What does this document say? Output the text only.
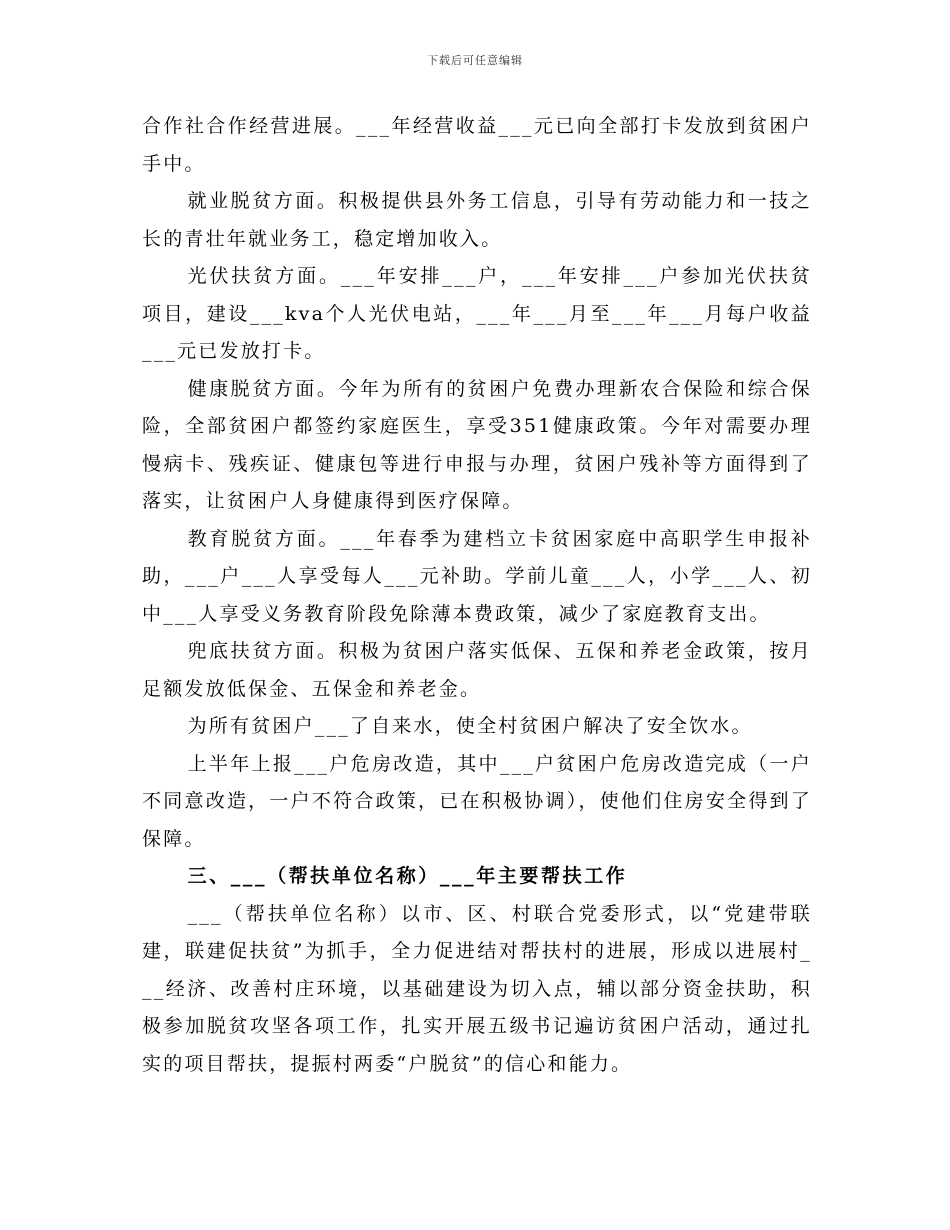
下载后可任意编辑

合作社合作经营进展。___年经营收益___元已向全部打卡发放到贫困户手中。

就业脱贫方面。积极提供县外务工信息，引导有劳动能力和一技之长的青壮年就业务工，稳定增加收入。

光伏扶贫方面。___年安排___户，___年安排___户参加光伏扶贫项目，建设___kva个人光伏电站，___年___月至___年___月每户收益___元已发放打卡。

健康脱贫方面。今年为所有的贫困户免费办理新农合保险和综合保险，全部贫困户都签约家庭医生，享受351健康政策。今年对需要办理慢病卡、残疾证、健康包等进行申报与办理，贫困户残补等方面得到了落实，让贫困户人身健康得到医疗保障。

教育脱贫方面。___年春季为建档立卡贫困家庭中高职学生申报补助，___户___人享受每人___元补助。学前儿童___人，小学___人、初中___人享受义务教育阶段免除薄本费政策，减少了家庭教育支出。

兜底扶贫方面。积极为贫困户落实低保、五保和养老金政策，按月足额发放低保金、五保金和养老金。

为所有贫困户___了自来水，使全村贫困户解决了安全饮水。

上半年上报___户危房改造，其中___户贫困户危房改造完成（一户不同意改造，一户不符合政策，已在积极协调），使他们住房安全得到了保障。

三、___（帮扶单位名称）___年主要帮扶工作

___（帮扶单位名称）以市、区、村联合党委形式，以“党建带联建，联建促扶贫”为抓手，全力促进结对帮扶村的进展，形成以进展村___经济、改善村庄环境，以基础建设为切入点，辅以部分资金扶助，积极参加脱贫攻坚各项工作，扎实开展五级书记遍访贫困户活动，通过扎实的项目帮扶，提振村两委“户脱贫”的信心和能力。
